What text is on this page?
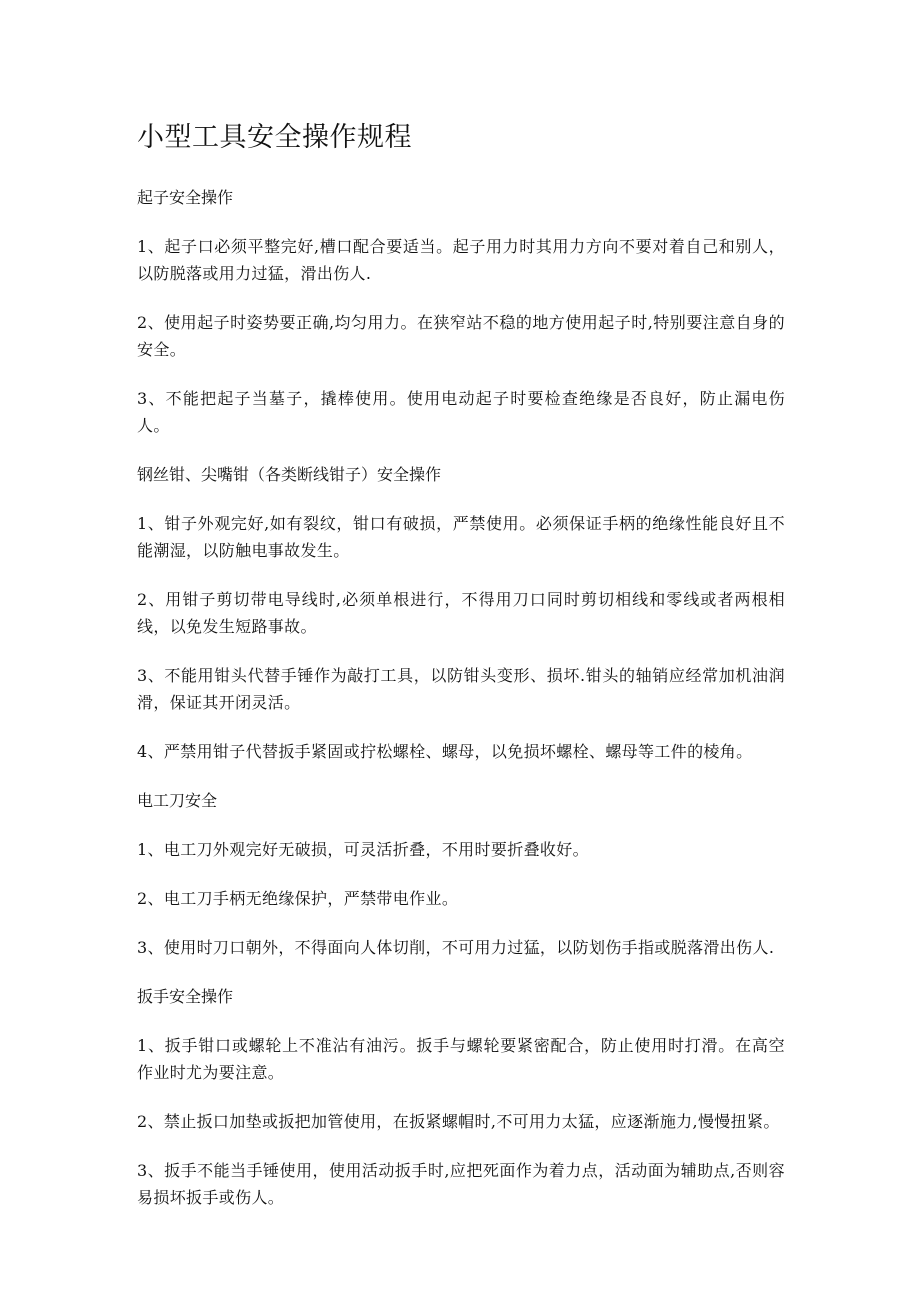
小型工具安全操作规程

起子安全操作

1、起子口必须平整完好,槽口配合要适当。起子用力时其用力方向不要对着自己和别人，以防脱落或用力过猛，滑出伤人.

2、使用起子时姿势要正确,均匀用力。在狭窄站不稳的地方使用起子时,特别要注意自身的安全。

3、不能把起子当墓子，撬棒使用。使用电动起子时要检查绝缘是否良好，防止漏电伤人。

钢丝钳、尖嘴钳（各类断线钳子）安全操作

1、钳子外观完好,如有裂纹，钳口有破损，严禁使用。必须保证手柄的绝缘性能良好且不能潮湿，以防触电事故发生。

2、用钳子剪切带电导线时,必须单根进行，不得用刀口同时剪切相线和零线或者两根相线，以免发生短路事故。

3、不能用钳头代替手锤作为敲打工具，以防钳头变形、损坏.钳头的轴销应经常加机油润滑，保证其开闭灵活。

4、严禁用钳子代替扳手紧固或拧松螺栓、螺母，以免损坏螺栓、螺母等工件的棱角。

电工刀安全

1、电工刀外观完好无破损，可灵活折叠，不用时要折叠收好。

2、电工刀手柄无绝缘保护，严禁带电作业。

3、使用时刀口朝外，不得面向人体切削，不可用力过猛，以防划伤手指或脱落滑出伤人.

扳手安全操作

1、扳手钳口或螺轮上不准沾有油污。扳手与螺轮要紧密配合，防止使用时打滑。在高空作业时尤为要注意。

2、禁止扳口加垫或扳把加管使用，在扳紧螺帽时,不可用力太猛，应逐渐施力,慢慢扭紧。

3、扳手不能当手锤使用，使用活动扳手时,应把死面作为着力点，活动面为辅助点,否则容易损坏扳手或伤人。
